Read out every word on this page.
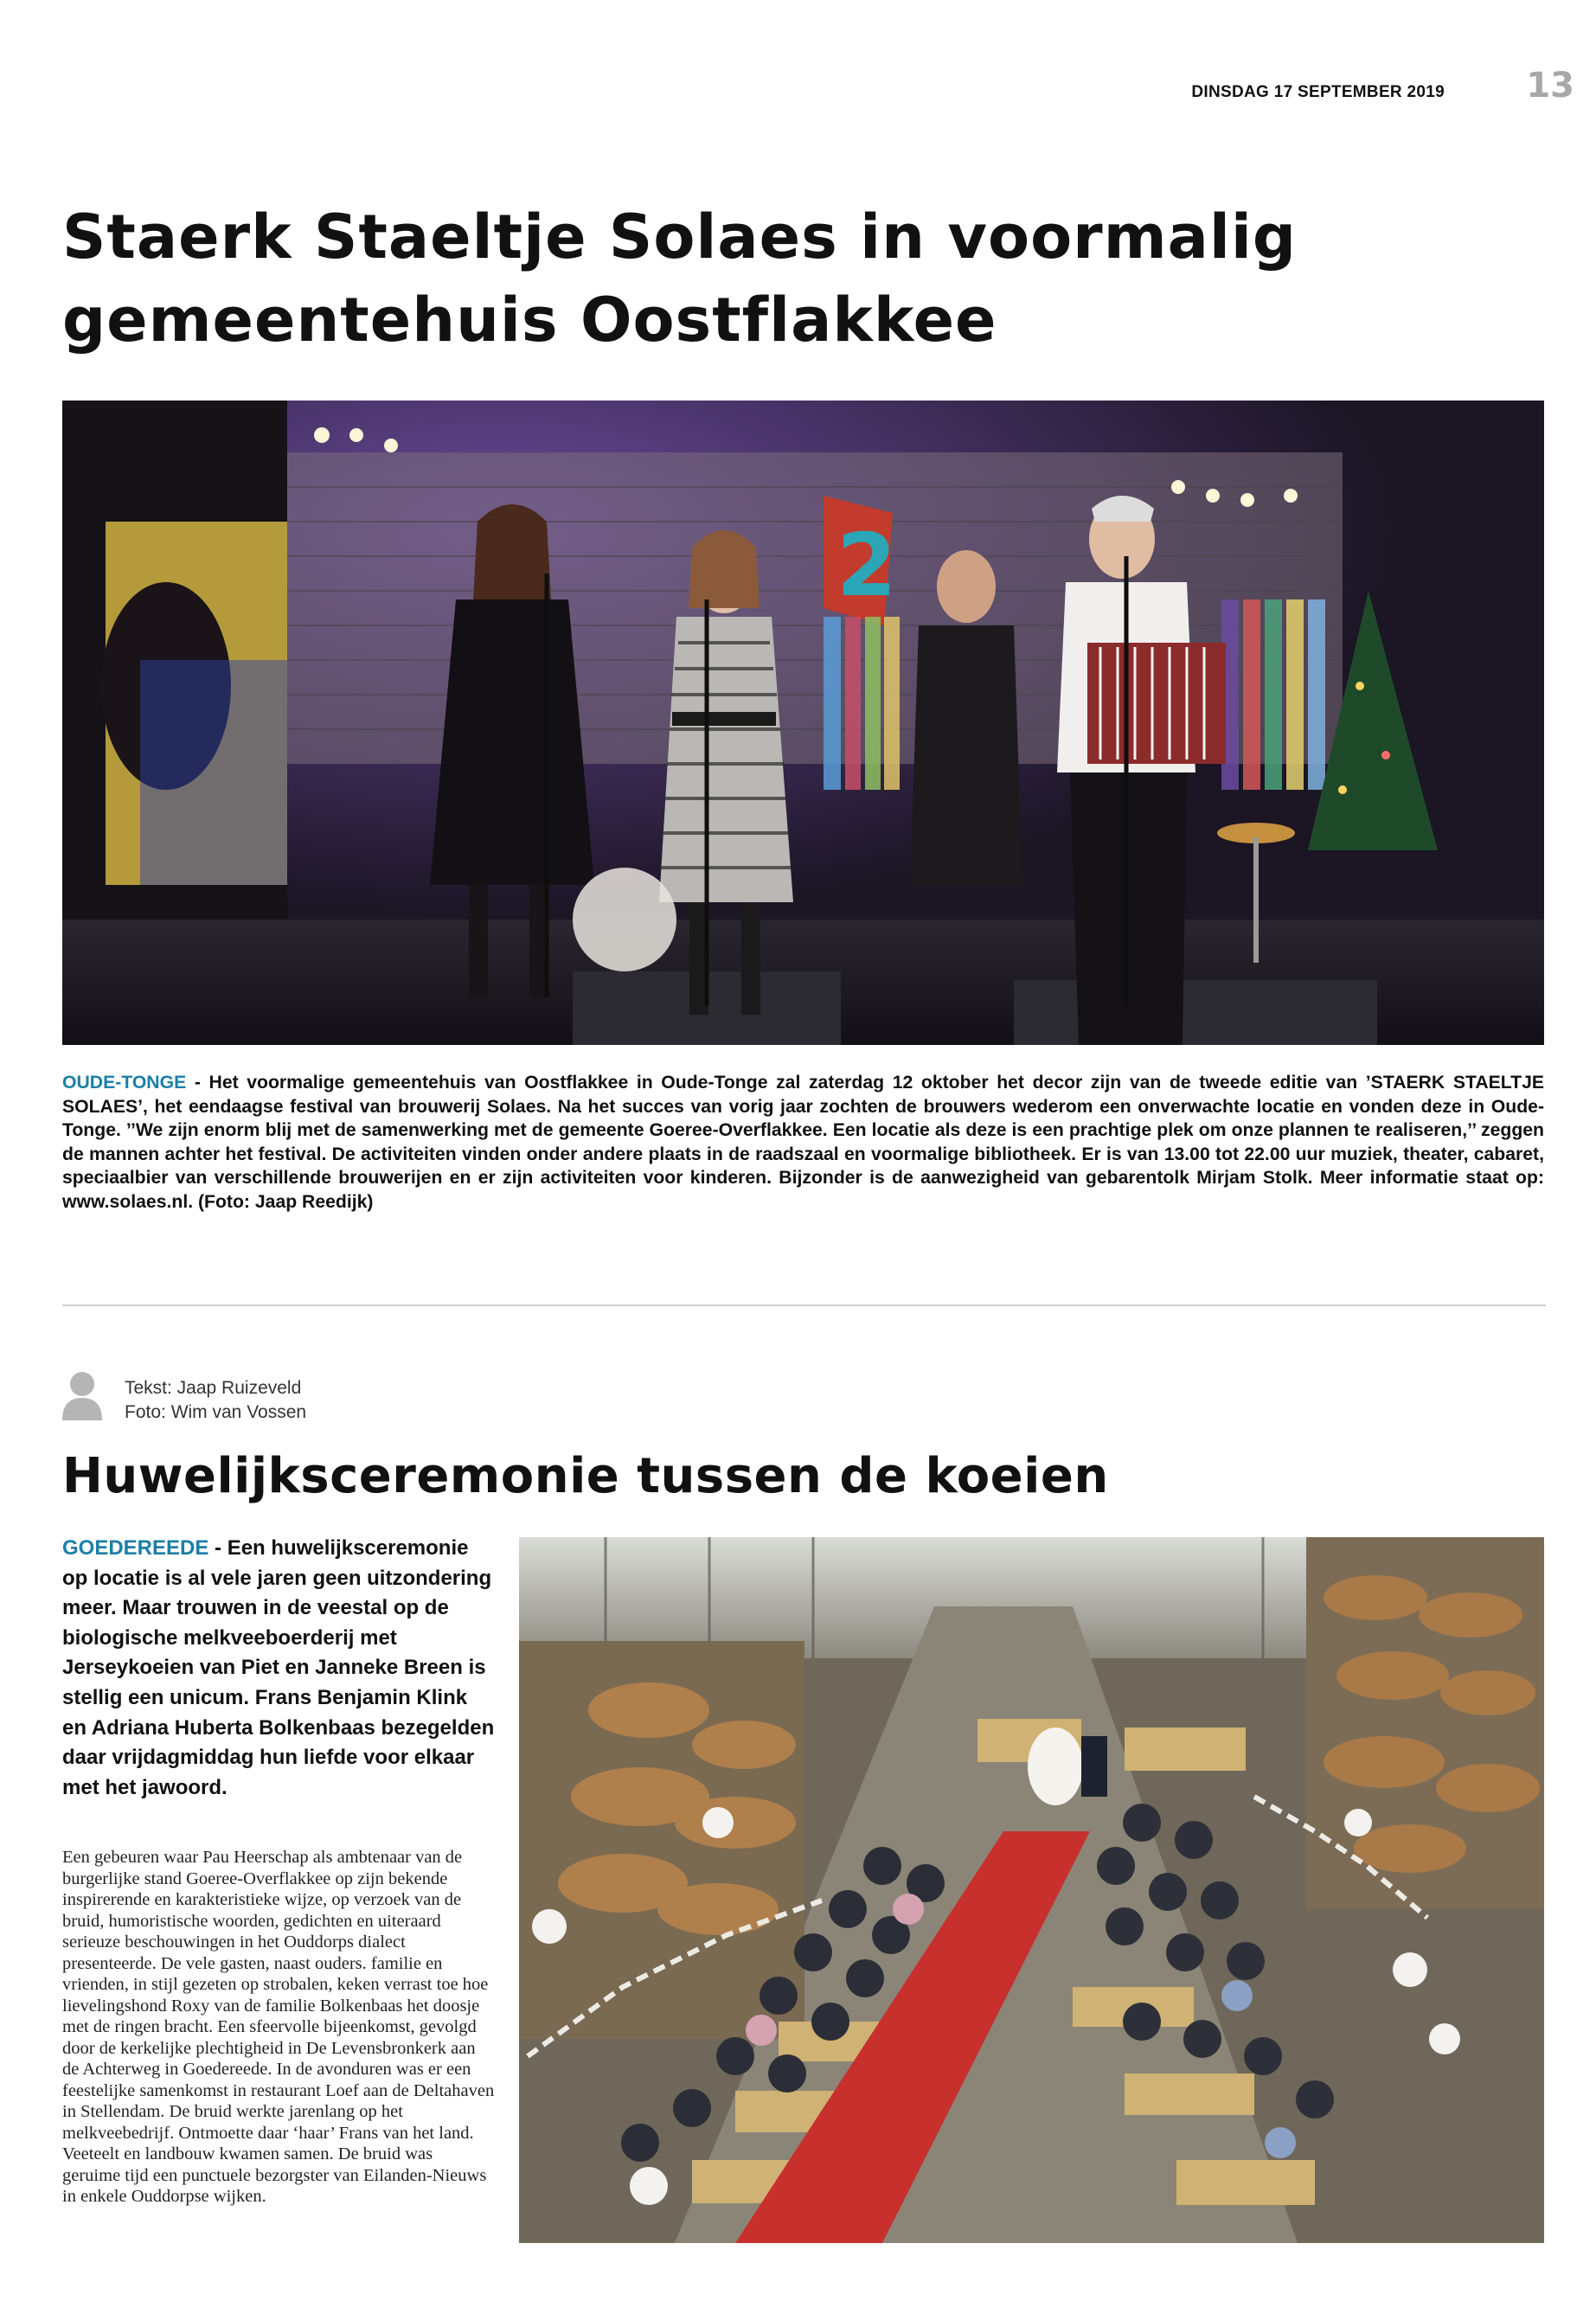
DINSDAG 17 SEPTEMBER 2019	13
Staerk Staeltje Solaes in voormalig
gemeentehuis Oostflakkee
2

OUDE-TONGE - Het voormalige gemeentehuis van Oostflakkee in Oude-Tonge zal zaterdag 12 oktober het decor zijn van de tweede editie van ’STAERK STAELTJE SOLAES’, het eendaagse festival van brouwerij Solaes. Na het succes van vorig jaar zochten de brouwers wederom een onverwachte locatie en vonden deze in Oude-Tonge. ’’We zijn enorm blij met de samenwerking met de gemeente Goeree-Overflakkee. Een locatie als deze is een prachtige plek om onze plannen te realiseren,’’ zeggen de mannen achter het festival. De activiteiten vinden onder andere plaats in de raadszaal en voormalige bibliotheek. Er is van 13.00 tot 22.00 uur muziek, theater, cabaret, speciaalbier van verschillende brouwerijen en er zijn activiteiten voor kinderen. Bijzonder is de aanwezigheid van gebarentolk Mirjam Stolk. Meer informatie staat op: www.solaes.nl. (Foto: Jaap Reedijk)

Tekst: Jaap Ruizeveld
Foto: Wim van Vossen
Huwelijksceremonie tussen de koeien

GOEDEREEDE - Een huwelijksceremonie op locatie is al vele jaren geen uitzondering meer. Maar trouwen in de veestal op de biologische melkveeboerderij met Jerseykoeien van Piet en Janneke Breen is stellig een unicum. Frans Benjamin Klink en Adriana Huberta Bolkenbaas bezegelden daar vrijdagmiddag hun liefde voor elkaar met het jawoord.

Een gebeuren waar Pau Heerschap als ambtenaar van de burgerlijke stand Goeree-Overflakkee op zijn bekende inspirerende en karakteristieke wijze, op verzoek van de bruid, humoristische woorden, gedichten en uiteraard serieuze beschouwingen in het Ouddorps dialect presenteerde. De vele gasten, naast ouders. familie en vrienden, in stijl gezeten op strobalen, keken verrast toe hoe lievelingshond Roxy van de familie Bolkenbaas het doosje met de ringen bracht. Een sfeervolle bijeenkomst, gevolgd door de kerkelijke plechtigheid in De Levensbronkerk aan de Achterweg in Goedereede. In de avonduren was er een feestelijke samenkomst in restaurant Loef aan de Deltahaven in Stellendam. De bruid werkte jarenlang op het melkveebedrijf. Ontmoette daar ‘haar’ Frans van het land. Veeteelt en landbouw kwamen samen. De bruid was geruime tijd een punctuele bezorgster van Eilanden-Nieuws in enkele Ouddorpse wijken.
